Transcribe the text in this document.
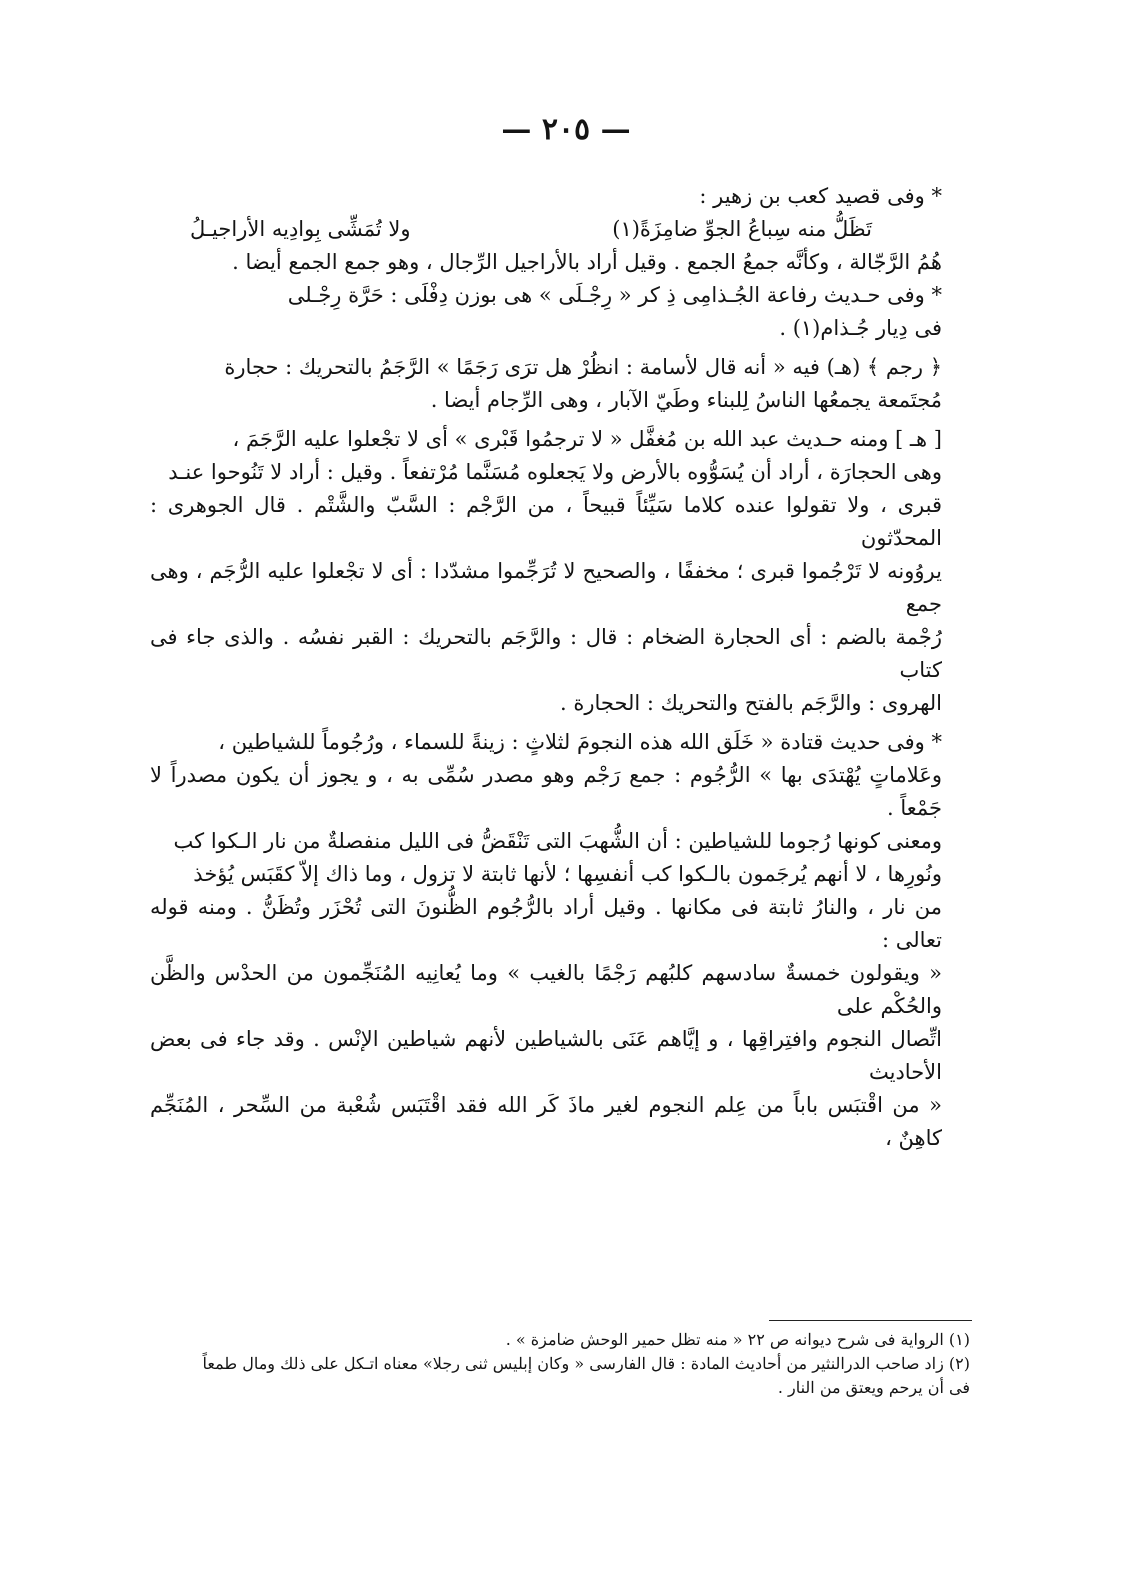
— ٢٠٥ —

* وفى قصيد كعب بن زهير :

تَظَلُّ منه سِباعُ الجوِّ ضامِزَةً(١)
ولا تُمَشِّى بِوادِيه الأراجيـلُ

هُمُ الرَّجّالة ، وكأنَّه جمعُ الجمع . وقيل أراد بالأراجيل الرِّجال ، وهو جمع الجمع أيضا .

* وفى حـديث رفاعة الجُـذامِى ذِ كر « رِجْـلَى » هى بوزن دِفْلَى : حَرَّة رِجْـلى

فى دِيار جُـذام(١) .

﴿ رجم ﴾ (هـ) فيه « أنه قال لأسامة : انظُرْ هل ترَى رَجَمًا » الرَّجَمُ بالتحريك : حجارة

مُجتَمعة يجمعُها الناسُ لِلبناء وطَيّ الآبار ، وهى الرِّجام أيضا .

[ هـ ] ومنه حـديث عبد الله بن مُغفَّل « لا ترجمُوا قَبْرى » أى لا تجْعلوا عليه الرَّجَمَ ،

وهى الحجارَة ، أراد أن يُسَوُّوه بالأرض ولا يَجعلوه مُسَنَّما مُرْتفعاً . وقيل : أراد لا تَنُوحوا عنـد

قبرى ، ولا تقولوا عنده كلاما سَيِّئاً قبيحاً ، من الرَّجْم : السَّبّ والشَّتْم . قال الجوهرى : المحدّثون

يروُونه لا تَرْجُموا قبرى ؛ مخففًا ، والصحيح لا تُرَجِّموا مشدّدا : أى لا تجْعلوا عليه الرُّجَم ، وهى جمع

رُجْمة بالضم : أى الحجارة الضخام : قال : والرَّجَم بالتحريك : القبر نفسُه . والذى جاء فى كتاب

الهروى : والرَّجَم بالفتح والتحريك : الحجارة .

* وفى حديث قتادة « خَلَق الله هذه النجومَ لثلاثٍ : زينةً للسماء ، ورُجُوماً للشياطين ،

وعَلاماتٍ يُهْتدَى بها » الرُّجُوم : جمع رَجْم وهو مصدر سُمِّى به ، و يجوز أن يكون مصدراً لا جَمْعاً .

ومعنى كونها رُجوما للشياطين : أن الشُّهبَ التى تَنْقَضُّ فى الليل منفصلةٌ من نار الـكوا كب

ونُورِها ، لا أنهم يُرجَمون بالـكوا كب أنفسِها ؛ لأنها ثابتة لا تزول ، وما ذاك إلاّ كقَبَس يُؤخذ

من نار ، والنارُ ثابتة فى مكانها . وقيل أراد بالرُّجُوم الظُّنونَ التى تُحْزَر وتُظَنُّ . ومنه قوله تعالى :

« ويقولون خمسةٌ سادسهم كلبُهم رَجْمًا بالغيب » وما يُعانِيه المُنَجِّمون من الحدْس والظَّن والحُكْم على

اتِّصال النجوم وافتِراقِها ، و إيَّاهم عَنَى بالشياطين لأنهم شياطين الإنْس . وقد جاء فى بعض الأحاديث

« من اقْتبَس باباً من عِلم النجوم لغير ماذَ كَر الله فقد اقْتَبَس شُعْبة من السِّحر ، المُنَجِّم كاهِنٌ ،

(١) الرواية فى شرح ديوانه ص ٢٢ « منه تظل حمير الوحش ضامزة » .

(٢) زاد صاحب الدرالنثير من أحاديث المادة : قال الفارسى « وكان إبليس ثنى رجلا» معناه اتـكل على ذلك ومال طمعاً

فى أن يرحم ويعتق من النار .
